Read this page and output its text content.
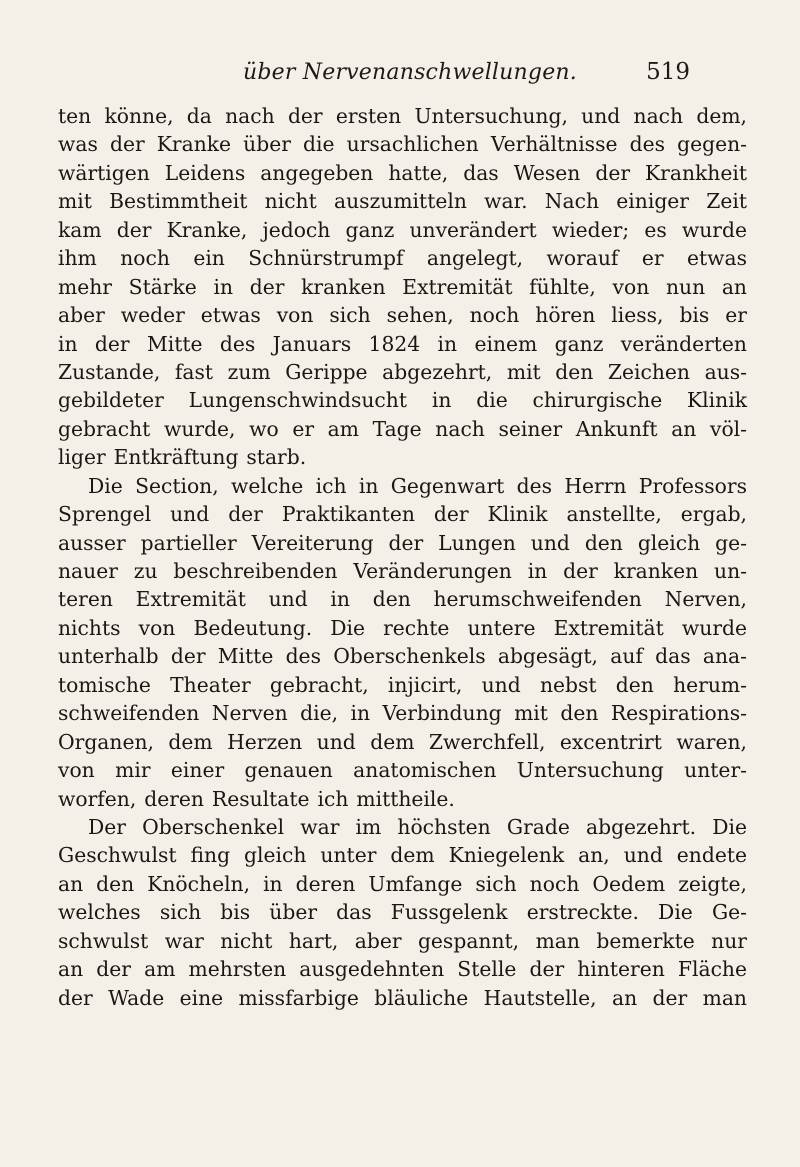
über Nervenanschwellungen.	519
ten könne, da nach der ersten Untersuchung, und nach dem,
was der Kranke über die ursachlichen Verhältnisse des gegen-
wärtigen Leidens angegeben hatte, das Wesen der Krankheit
mit Bestimmtheit nicht auszumitteln war. Nach einiger Zeit
kam der Kranke, jedoch ganz unverändert wieder; es wurde
ihm noch ein Schnürstrumpf angelegt, worauf er etwas
mehr Stärke in der kranken Extremität fühlte, von nun an
aber weder etwas von sich sehen, noch hören liess, bis er
in der Mitte des Januars 1824 in einem ganz veränderten
Zustande, fast zum Gerippe abgezehrt, mit den Zeichen aus-
gebildeter Lungenschwindsucht in die chirurgische Klinik
gebracht wurde, wo er am Tage nach seiner Ankunft an völ-
liger Entkräftung starb.
Die Section, welche ich in Gegenwart des Herrn Professors
Sprengel und der Praktikanten der Klinik anstellte, ergab,
ausser partieller Vereiterung der Lungen und den gleich ge-
nauer zu beschreibenden Veränderungen in der kranken un-
teren Extremität und in den herumschweifenden Nerven,
nichts von Bedeutung. Die rechte untere Extremität wurde
unterhalb der Mitte des Oberschenkels abgesägt, auf das ana-
tomische Theater gebracht, injicirt, und nebst den herum-
schweifenden Nerven die, in Verbindung mit den Respirations-
Organen, dem Herzen und dem Zwerchfell, excentrirt waren,
von mir einer genauen anatomischen Untersuchung unter-
worfen, deren Resultate ich mittheile.
Der Oberschenkel war im höchsten Grade abgezehrt. Die
Geschwulst fing gleich unter dem Kniegelenk an, und endete
an den Knöcheln, in deren Umfange sich noch Oedem zeigte,
welches sich bis über das Fussgelenk erstreckte. Die Ge-
schwulst war nicht hart, aber gespannt, man bemerkte nur
an der am mehrsten ausgedehnten Stelle der hinteren Fläche
der Wade eine missfarbige bläuliche Hautstelle, an der man
